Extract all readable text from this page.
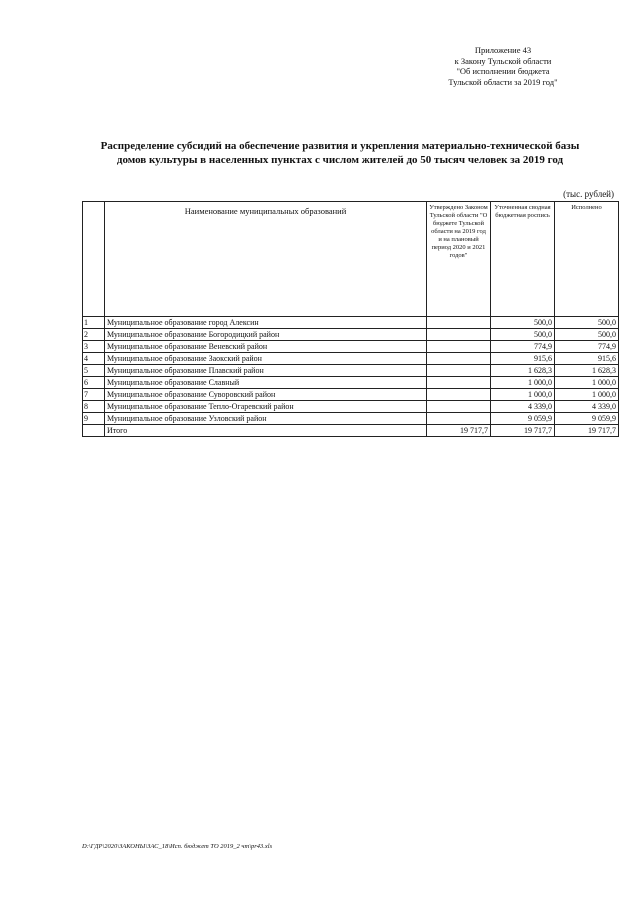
Приложение 43
к Закону Тульской области
"Об исполнении бюджета
Тульской области за 2019 год"
Распределение субсидий на обеспечение развития и укрепления материально-технической базы
домов культуры в населенных пунктах с числом жителей до 50 тысяч человек за 2019 год
(тыс. рублей)
	Наименование муниципальных образований	Утверждено Законом Тульской области "О бюджете Тульской области на 2019 год и на плановый период 2020 и 2021 годов"	Уточненная сводная бюджетная роспись	Исполнено
1	Муниципальное образование город Алексин		500,0	500,0
2	Муниципальное образование Богородицкий район		500,0	500,0
3	Муниципальное образование Веневский район		774,9	774,9
4	Муниципальное образование Заокский район		915,6	915,6
5	Муниципальное образование Плавский район		1 628,3	1 628,3
6	Муниципальное образование Славный		1 000,0	1 000,0
7	Муниципальное образование Суворовский район		1 000,0	1 000,0
8	Муниципальное образование Тепло-Огаревский район		4 339,0	4 339,0
9	Муниципальное образование Узловский район		9 059,9	9 059,9
	Итого	19 717,7	19 717,7	19 717,7
D:\ГДР\2020\ЗАКОНЫ\ЗАС_18\Исп. бюджет ТО 2019_2 чт\pr43.xls
